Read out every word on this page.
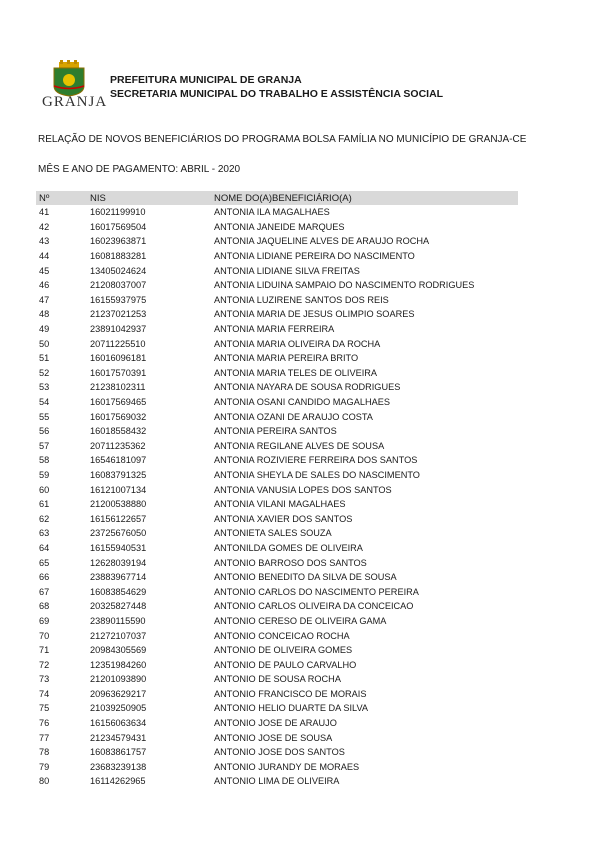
GRANJA
PREFEITURA MUNICIPAL DE GRANJA
SECRETARIA MUNICIPAL DO TRABALHO E ASSISTÊNCIA SOCIAL
RELAÇÃO DE NOVOS BENEFICIÁRIOS DO PROGRAMA BOLSA FAMÍLIA NO MUNICÍPIO DE GRANJA-CE
MÊS E ANO DE PAGAMENTO: ABRIL - 2020
Nº	NIS	NOME DO(A)BENEFICIÁRIO(A)
41	16021199910	ANTONIA ILA MAGALHAES
42	16017569504	ANTONIA JANEIDE MARQUES
43	16023963871	ANTONIA JAQUELINE ALVES DE ARAUJO ROCHA
44	16081883281	ANTONIA LIDIANE PEREIRA DO NASCIMENTO
45	13405024624	ANTONIA LIDIANE SILVA FREITAS
46	21208037007	ANTONIA LIDUINA SAMPAIO DO NASCIMENTO RODRIGUES
47	16155937975	ANTONIA LUZIRENE SANTOS DOS REIS
48	21237021253	ANTONIA MARIA DE JESUS OLIMPIO SOARES
49	23891042937	ANTONIA MARIA FERREIRA
50	20711225510	ANTONIA MARIA OLIVEIRA DA ROCHA
51	16016096181	ANTONIA MARIA PEREIRA BRITO
52	16017570391	ANTONIA MARIA TELES DE OLIVEIRA
53	21238102311	ANTONIA NAYARA DE SOUSA RODRIGUES
54	16017569465	ANTONIA OSANI CANDIDO MAGALHAES
55	16017569032	ANTONIA OZANI DE ARAUJO COSTA
56	16018558432	ANTONIA PEREIRA SANTOS
57	20711235362	ANTONIA REGILANE ALVES DE SOUSA
58	16546181097	ANTONIA ROZIVIERE FERREIRA DOS SANTOS
59	16083791325	ANTONIA SHEYLA DE SALES DO NASCIMENTO
60	16121007134	ANTONIA VANUSIA LOPES DOS SANTOS
61	21200538880	ANTONIA VILANI MAGALHAES
62	16156122657	ANTONIA XAVIER DOS SANTOS
63	23725676050	ANTONIETA SALES SOUZA
64	16155940531	ANTONILDA GOMES DE OLIVEIRA
65	12628039194	ANTONIO BARROSO DOS SANTOS
66	23883967714	ANTONIO BENEDITO DA SILVA DE SOUSA
67	16083854629	ANTONIO CARLOS DO NASCIMENTO PEREIRA
68	20325827448	ANTONIO CARLOS OLIVEIRA DA CONCEICAO
69	23890115590	ANTONIO CERESO DE OLIVEIRA GAMA
70	21272107037	ANTONIO CONCEICAO ROCHA
71	20984305569	ANTONIO DE OLIVEIRA GOMES
72	12351984260	ANTONIO DE PAULO CARVALHO
73	21201093890	ANTONIO DE SOUSA ROCHA
74	20963629217	ANTONIO FRANCISCO DE MORAIS
75	21039250905	ANTONIO HELIO DUARTE DA SILVA
76	16156063634	ANTONIO JOSE DE ARAUJO
77	21234579431	ANTONIO JOSE DE SOUSA
78	16083861757	ANTONIO JOSE DOS SANTOS
79	23683239138	ANTONIO JURANDY DE MORAES
80	16114262965	ANTONIO LIMA DE OLIVEIRA
